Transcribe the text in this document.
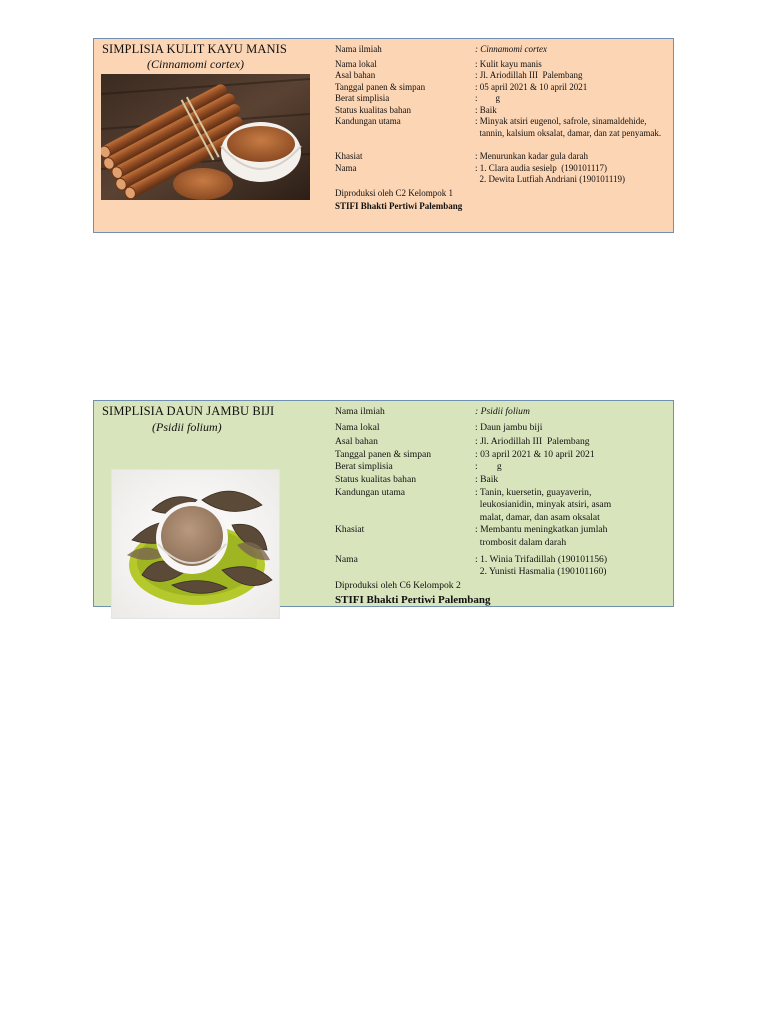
SIMPLISIA KULIT KAYU MANIS
(Cinnamomi cortex)
Nama ilmiah	: Cinnamomi cortex
Nama lokal	: Kulit kayu manis
Asal bahan	: Jl. Ariodillah III  Palembang
Tanggal panen & simpan	: 05 april 2021 & 10 april 2021
Berat simplisia	:        g
Status kualitas bahan	: Baik
Kandungan utama	: Minyak atsiri eugenol, safrole, sinamaldehide,
tannin, kalsium oksalat, damar, dan zat penyamak.
Khasiat	: Menurunkan kadar gula darah
Nama	: 1. Clara audia sesielp  (190101117)
2. Dewita Lutfiah Andriani (190101119)
Diproduksi oleh C2 Kelompok 1
STIFI Bhakti Pertiwi Palembang
SIMPLISIA DAUN JAMBU BIJI
(Psidii folium)
Nama ilmiah	: Psidii folium
Nama lokal	: Daun jambu biji
Asal bahan	: Jl. Ariodillah III  Palembang
Tanggal panen & simpan	: 03 april 2021 & 10 april 2021
Berat simplisia	:        g
Status kualitas bahan	: Baik
Kandungan utama	: Tanin, kuersetin, guayaverin,
leukosianidin, minyak atsiri, asam
malat, damar, dan asam oksalat
Khasiat	: Membantu meningkatkan jumlah
trombosit dalam darah
Nama	: 1. Winia Trifadillah (190101156)
2. Yunisti Hasmalia (190101160)
Diproduksi oleh C6 Kelompok 2
STIFI Bhakti Pertiwi Palembang
